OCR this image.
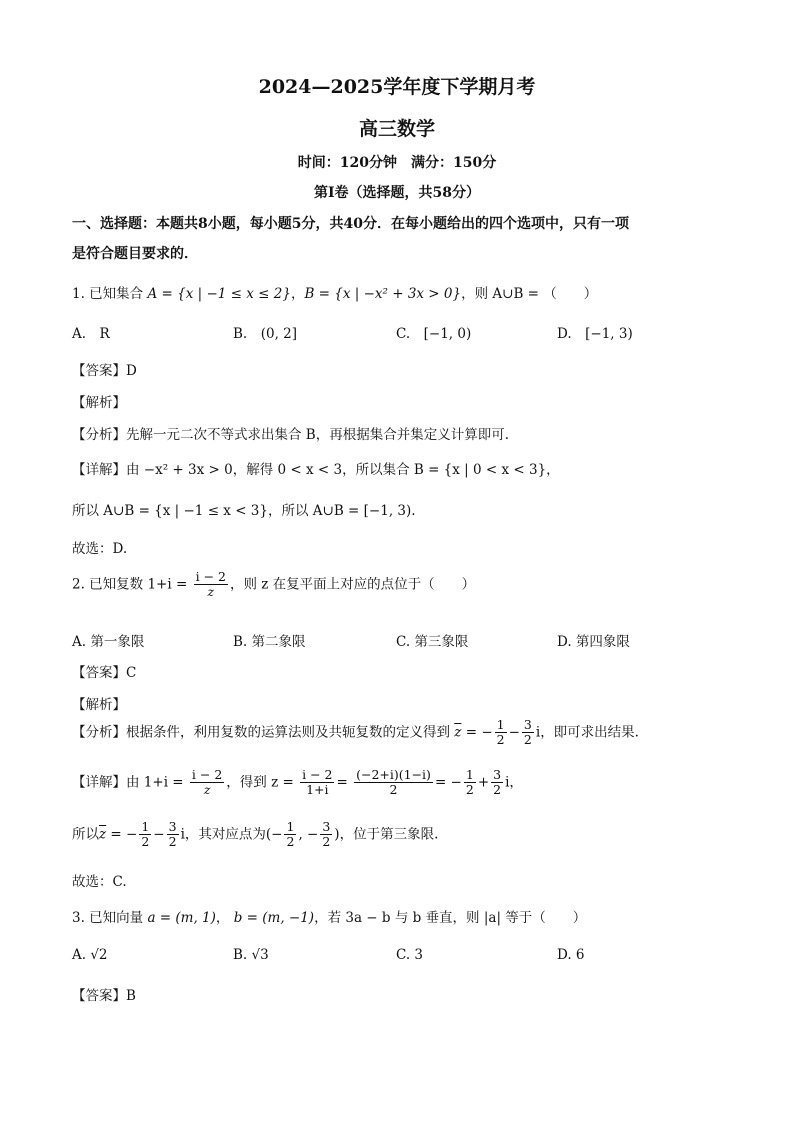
2024—2025学年度下学期月考
高三数学
时间：120分钟　满分：150分
第Ⅰ卷（选择题，共58分）
一、选择题：本题共8小题，每小题5分，共40分．在每小题给出的四个选项中，只有一项
是符合题目要求的．
1. 已知集合 A = {x | −1 ≤ x ≤ 2}，B = {x | −x² + 3x > 0}，则 A∪B = （　　）
A.　R	B.　(0, 2]	C.　[−1, 0)	D.　[−1, 3)
【答案】D
【解析】
【分析】先解一元二次不等式求出集合 B，再根据集合并集定义计算即可.
【详解】由 −x² + 3x > 0，解得 0 < x < 3，所以集合 B = {x | 0 < x < 3}，
所以 A∪B = {x | −1 ≤ x < 3}，所以 A∪B = [−1, 3).
故选：D.
2. 已知复数 $1+i = \frac{i - 2}{z}$ ，则 z 在复平面上对应的点位于（　　）
A. 第一象限	B. 第二象限	C. 第三象限	D. 第四象限
【答案】C
【解析】
【分析】根据条件，利用复数的运算法则及共轭复数的定义得到 $\overline{z}$ = − $\frac{1}{2} - \frac{3}{2}$ i，即可求出结果.
【详解】由 $1+i = \frac{i - 2}{z}$ ，得到 $z = \frac{i - 2}{1+i} = \frac{(-2+i)(1-i)}{2}$ = − $\frac{1}{2} + \frac{3}{2}$ i，
所以$\overline{z}$ = − $\frac{1}{2} - \frac{3}{2}$ i，其对应点为(− $\frac{1}{2}$ , − $\frac{3}{2}$ )，位于第三象限.
故选：C.
3. 已知向量 a = (m, 1)， b = (m, −1)，若 3a − b 与 b 垂直，则 |a| 等于（　　）
A. √2	B. √3	C. 3	D. 6
【答案】B
